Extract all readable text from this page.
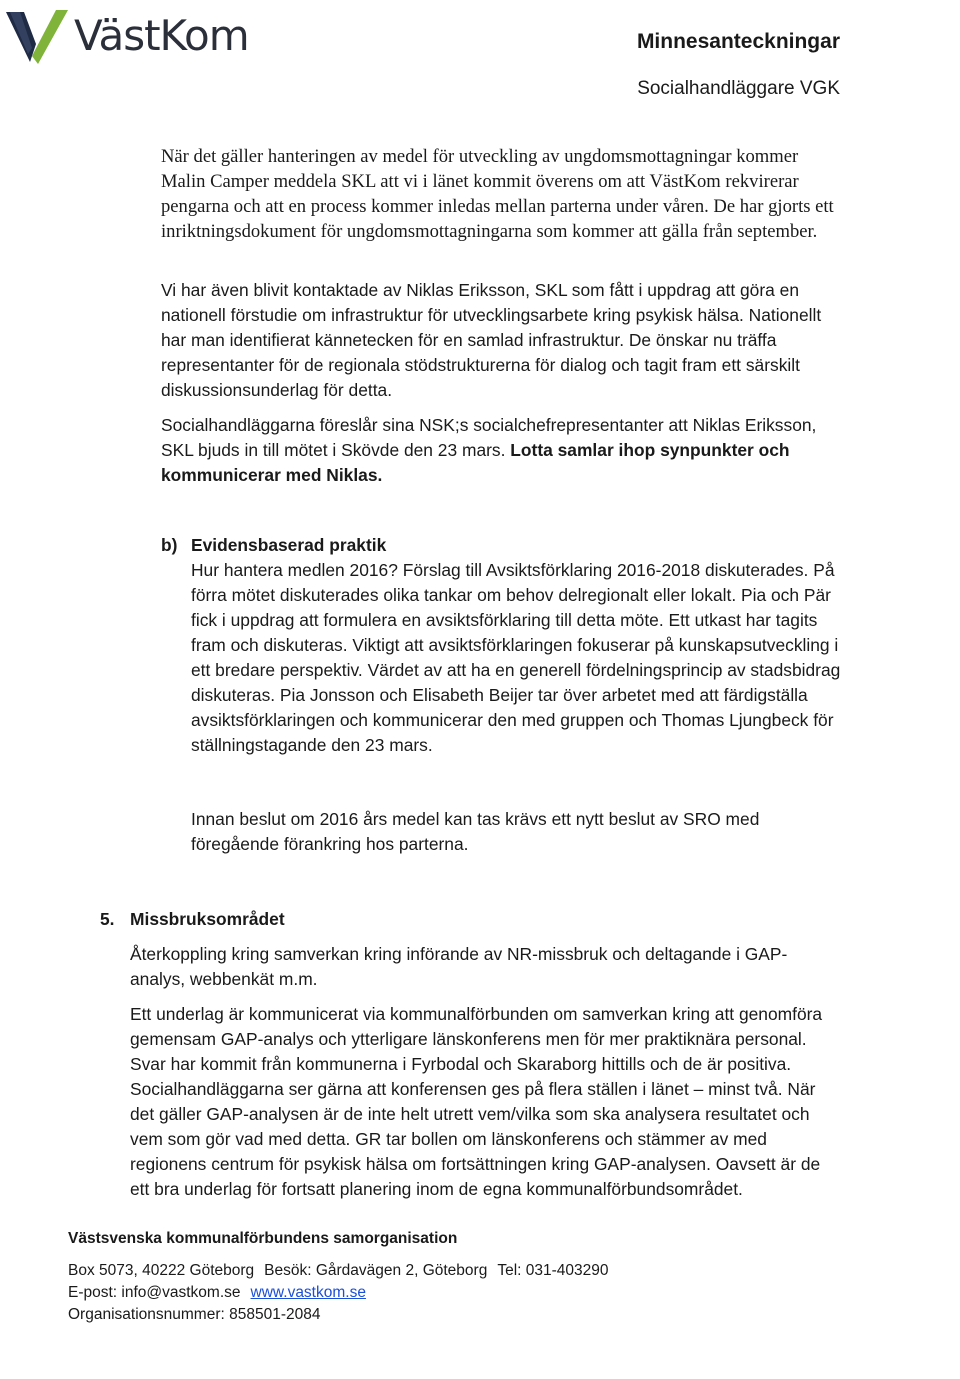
VästKom	Minnesanteckningar
Socialhandläggare VGK

När det gäller hanteringen av medel för utveckling av ungdomsmottagningar kommer Malin Camper meddela SKL att vi i länet kommit överens om att VästKom rekvirerar pengarna och att en process kommer inledas mellan parterna under våren. De har gjorts ett inriktningsdokument för ungdomsmottagningarna som kommer att gälla från september.

Vi har även blivit kontaktade av Niklas Eriksson, SKL som fått i uppdrag att göra en nationell förstudie om infrastruktur för utvecklingsarbete kring psykisk hälsa. Nationellt har man identifierat kännetecken för en samlad infrastruktur. De önskar nu träffa representanter för de regionala stödstrukturerna för dialog och tagit fram ett särskilt diskussionsunderlag för detta.

Socialhandläggarna föreslår sina NSK;s socialchefrepresentanter att Niklas Eriksson, SKL bjuds in till mötet i Skövde den 23 mars. Lotta samlar ihop synpunkter och kommunicerar med Niklas.

b) Evidensbaserad praktik

Hur hantera medlen 2016? Förslag till Avsiktsförklaring 2016-2018 diskuterades. På förra mötet diskuterades olika tankar om behov delregionalt eller lokalt. Pia och Pär fick i uppdrag att formulera en avsiktsförklaring till detta möte. Ett utkast har tagits fram och diskuteras. Viktigt att avsiktsförklaringen fokuserar på kunskapsutveckling i ett bredare perspektiv. Värdet av att ha en generell fördelningsprincip av stadsbidrag diskuteras. Pia Jonsson och Elisabeth Beijer tar över arbetet med att färdigställa avsiktsförklaringen och kommunicerar den med gruppen och Thomas Ljungbeck för ställningstagande den 23 mars.

Innan beslut om 2016 års medel kan tas krävs ett nytt beslut av SRO med föregående förankring hos parterna.

5. Missbruksområdet

Återkoppling kring samverkan kring införande av NR-missbruk och deltagande i GAP-analys, webbenkät m.m.

Ett underlag är kommunicerat via kommunalförbunden om samverkan kring att genomföra gemensam GAP-analys och ytterligare länskonferens men för mer praktiknära personal. Svar har kommit från kommunerna i Fyrbodal och Skaraborg hittills och de är positiva. Socialhandläggarna ser gärna att konferensen ges på flera ställen i länet – minst två. När det gäller GAP-analysen är de inte helt utrett vem/vilka som ska analysera resultatet och vem som gör vad med detta. GR tar bollen om länskonferens och stämmer av med regionens centrum för psykisk hälsa om fortsättningen kring GAP-analysen. Oavsett är de ett bra underlag för fortsatt planering inom de egna kommunalförbundsområdet.

Västsvenska kommunalförbundens samorganisation
Box 5073, 40222 Göteborg Besök: Gårdavägen 2, Göteborg Tel: 031-403290
E-post: info@vastkom.se www.vastkom.se
Organisationsnummer: 858501-2084
